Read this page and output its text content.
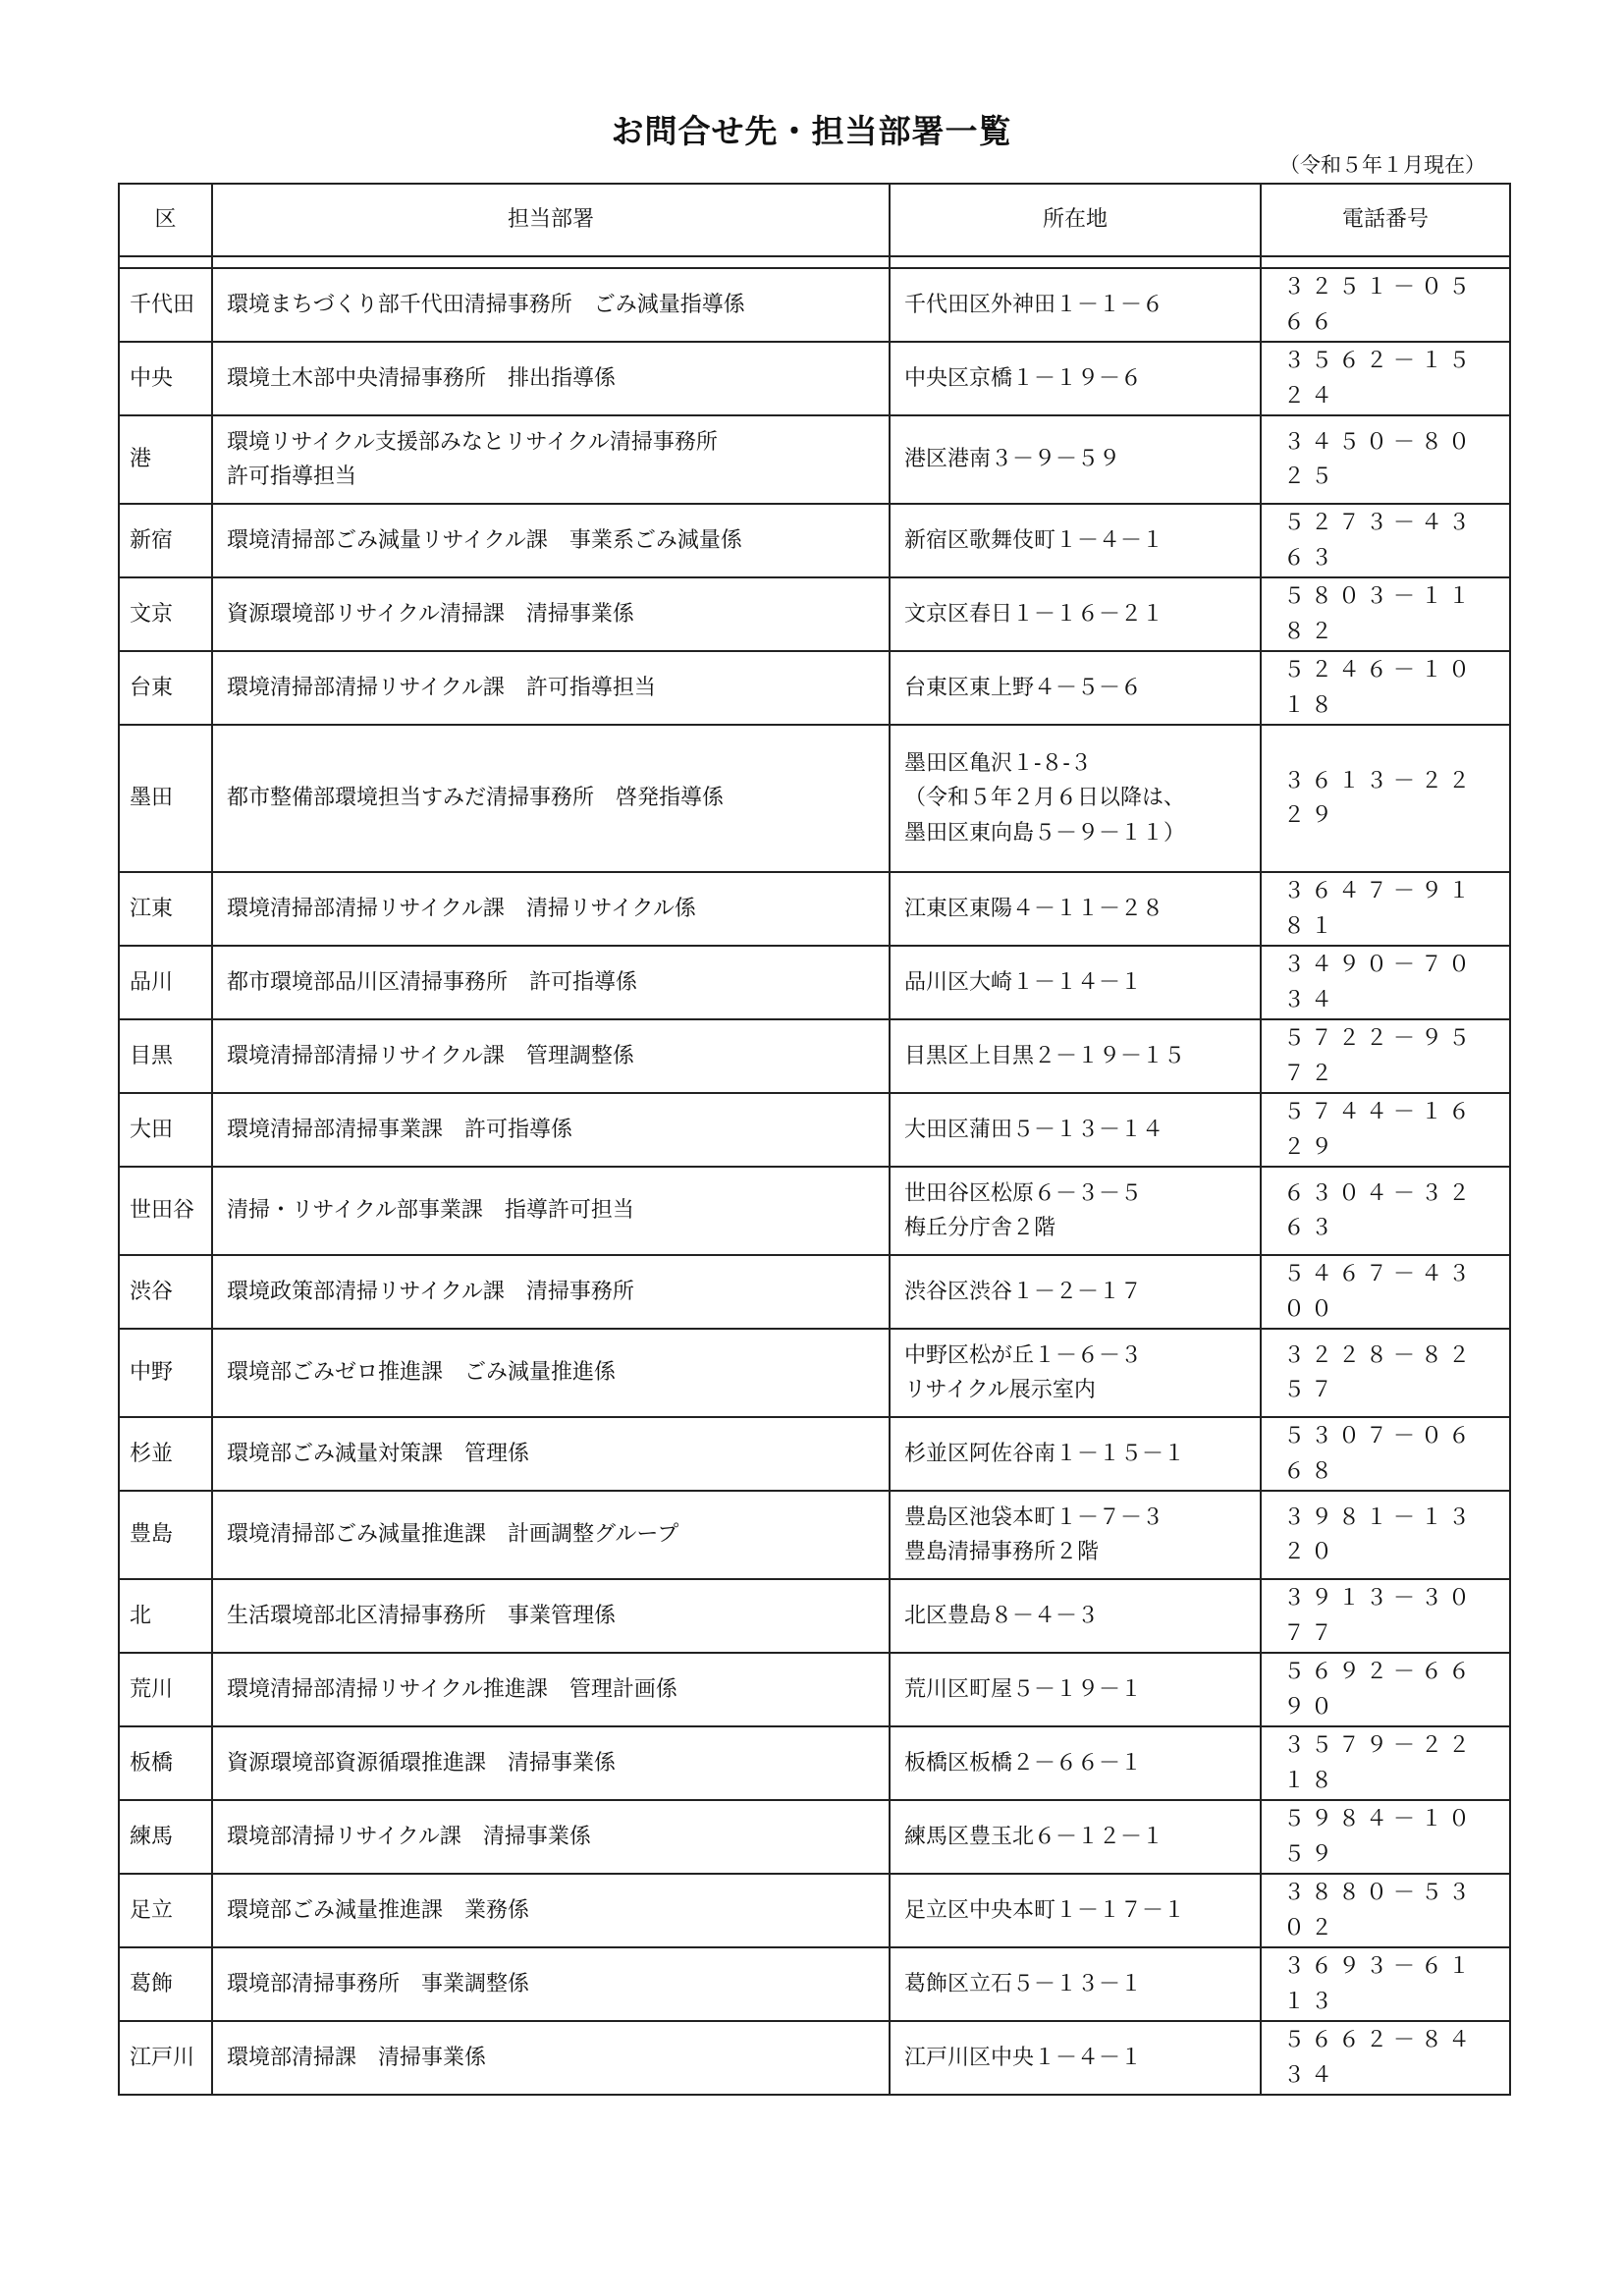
お問合せ先・担当部署一覧
（令和５年１月現在）
区	担当部署	所在地	電話番号

千代田	環境まちづくり部千代田清掃事務所　ごみ減量指導係	千代田区外神田１－１－６	３２５１－０５６６
中央	環境土木部中央清掃事務所　排出指導係	中央区京橋１－１９－６	３５６２－１５２４
港	環境リサイクル支援部みなとリサイクル清掃事務所
許可指導担当	港区港南３－９－５９	３４５０－８０２５
新宿	環境清掃部ごみ減量リサイクル課　事業系ごみ減量係	新宿区歌舞伎町１－４－１	５２７３－４３６３
文京	資源環境部リサイクル清掃課　清掃事業係	文京区春日１－１６－２１	５８０３－１１８２
台東	環境清掃部清掃リサイクル課　許可指導担当	台東区東上野４－５－６	５２４６－１０１８
墨田	都市整備部環境担当すみだ清掃事務所　啓発指導係	墨田区亀沢１-８-３
（令和５年２月６日以降は、
墨田区東向島５－９－１１）	３６１３－２２２９
江東	環境清掃部清掃リサイクル課　清掃リサイクル係	江東区東陽４－１１－２８	３６４７－９１８１
品川	都市環境部品川区清掃事務所　許可指導係	品川区大崎１－１４－１	３４９０－７０３４
目黒	環境清掃部清掃リサイクル課　管理調整係	目黒区上目黒２－１９－１５	５７２２－９５７２
大田	環境清掃部清掃事業課　許可指導係	大田区蒲田５－１３－１４	５７４４－１６２９
世田谷	清掃・リサイクル部事業課　指導許可担当	世田谷区松原６－３－５
梅丘分庁舎２階	６３０４－３２６３
渋谷	環境政策部清掃リサイクル課　清掃事務所	渋谷区渋谷１－２－１７	５４６７－４３００
中野	環境部ごみゼロ推進課　ごみ減量推進係	中野区松が丘１－６－３
リサイクル展示室内	３２２８－８２５７
杉並	環境部ごみ減量対策課　管理係	杉並区阿佐谷南１－１５－１	５３０７－０６６８
豊島	環境清掃部ごみ減量推進課　計画調整グループ	豊島区池袋本町１－７－３
豊島清掃事務所２階	３９８１－１３２０
北	生活環境部北区清掃事務所　事業管理係	北区豊島８－４－３	３９１３－３０７７
荒川	環境清掃部清掃リサイクル推進課　管理計画係	荒川区町屋５－１９－１	５６９２－６６９０
板橋	資源環境部資源循環推進課　清掃事業係	板橋区板橋２－６６－１	３５７９－２２１８
練馬	環境部清掃リサイクル課　清掃事業係	練馬区豊玉北６－１２－１	５９８４－１０５９
足立	環境部ごみ減量推進課　業務係	足立区中央本町１－１７－１	３８８０－５３０２
葛飾	環境部清掃事務所　事業調整係	葛飾区立石５－１３－１	３６９３－６１１３
江戸川	環境部清掃課　清掃事業係	江戸川区中央１－４－１	５６６２－８４３４
